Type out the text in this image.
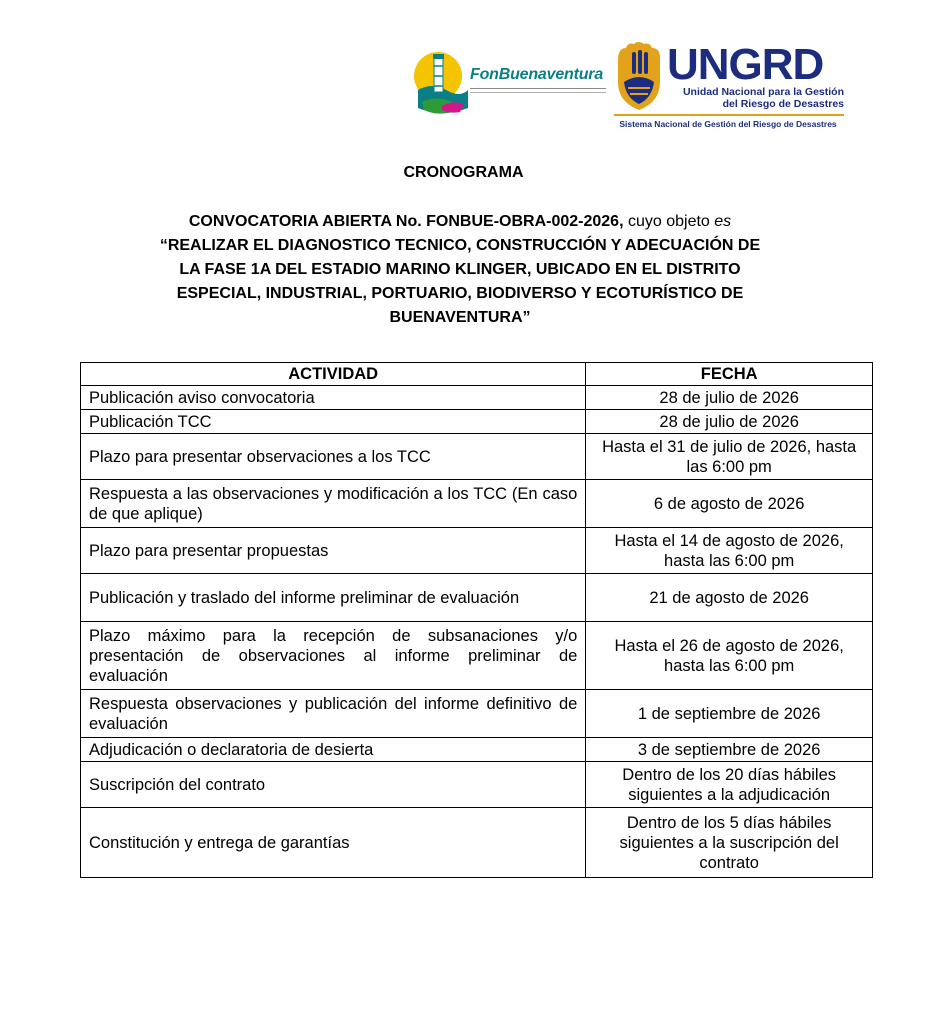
FonBuenaventura UNGRD
Unidad Nacional para la Gestión
del Riesgo de Desastres
Sistema Nacional de Gestión del Riesgo de Desastres
CRONOGRAMA
CONVOCATORIA ABIERTA No. FONBUE-OBRA-002-2026, cuyo objeto es
“REALIZAR EL DIAGNOSTICO TECNICO, CONSTRUCCIÓN Y ADECUACIÓN DE
LA FASE 1A DEL ESTADIO MARINO KLINGER, UBICADO EN EL DISTRITO
ESPECIAL, INDUSTRIAL, PORTUARIO, BIODIVERSO Y ECOTURÍSTICO DE
BUENAVENTURA”
ACTIVIDAD	FECHA
Publicación aviso convocatoria	28 de julio de 2026
Publicación TCC	28 de julio de 2026
Plazo para presentar observaciones a los TCC	Hasta el 31 de julio de 2026, hasta las 6:00 pm
Respuesta a las observaciones y modificación a los TCC (En caso de que aplique)	6 de agosto de 2026
Plazo para presentar propuestas	Hasta el 14 de agosto de 2026, hasta las 6:00 pm
Publicación y traslado del informe preliminar de evaluación	21 de agosto de 2026
Plazo máximo para la recepción de subsanaciones y/o presentación de observaciones al informe preliminar de evaluación	Hasta el 26 de agosto de 2026, hasta las 6:00 pm
Respuesta observaciones y publicación del informe definitivo de evaluación	1 de septiembre de 2026
Adjudicación o declaratoria de desierta	3 de septiembre de 2026
Suscripción del contrato	Dentro de los 20 días hábiles siguientes a la adjudicación
Constitución y entrega de garantías	Dentro de los 5 días hábiles siguientes a la suscripción del contrato
